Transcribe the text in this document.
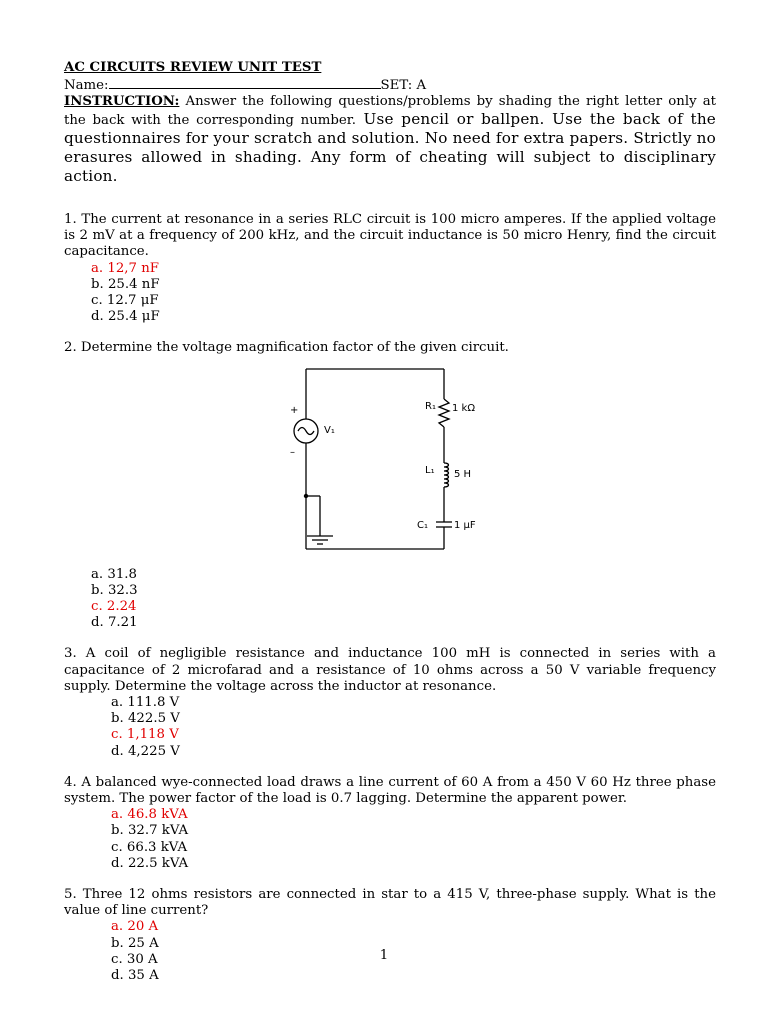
AC CIRCUITS REVIEW UNIT TEST
Name:	SET: A
INSTRUCTION: Answer the following questions/problems by shading the right letter only at the back with the corresponding number. Use pencil or ballpen. Use the back of the questionnaires for your scratch and solution. No need for extra papers. Strictly no erasures allowed in shading. Any form of cheating will subject to disciplinary action.
1. The current at resonance in a series RLC circuit is 100 micro amperes. If the applied voltage is 2 mV at a frequency of 200 kHz, and the circuit inductance is 50 micro Henry, find the circuit capacitance.
a. 12,7 nF
b. 25.4 nF
c. 12.7 μF
d. 25.4 μF
2. Determine the voltage magnification factor of the given circuit.
+
–
V₁
R₁ 1 kΩ
L₁ 5 H
C₁	1 μF
a. 31.8
b. 32.3
c. 2.24
d. 7.21
3. A coil of negligible resistance and inductance 100 mH is connected in series with a capacitance of 2 microfarad and a resistance of 10 ohms across a 50 V variable frequency supply. Determine the voltage across the inductor at resonance.
a. 111.8 V
b. 422.5 V
c. 1,118 V
d. 4,225 V
4. A balanced wye-connected load draws a line current of 60 A from a 450 V 60 Hz three phase system. The power factor of the load is 0.7 lagging. Determine the apparent power.
a. 46.8 kVA
b. 32.7 kVA
c. 66.3 kVA
d. 22.5 kVA
5. Three 12 ohms resistors are connected in star to a 415 V, three-phase supply. What is the value of line current?
a. 20 A
b. 25 A
c. 30 A
d. 35 A
1
